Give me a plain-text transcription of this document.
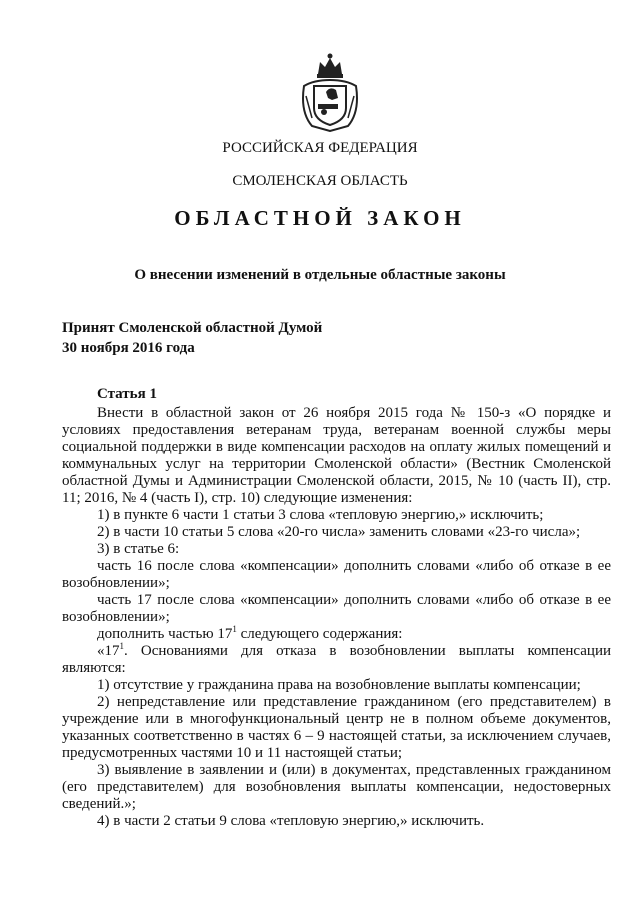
РОССИЙСКАЯ ФЕДЕРАЦИЯ
СМОЛЕНСКАЯ ОБЛАСТЬ
ОБЛАСТНОЙ ЗАКОН
О внесении изменений в отдельные областные законы
Принят Смоленской областной Думой
30 ноября 2016 года
Статья 1

Внести в областной закон от 26 ноября 2015 года № 150-з «О порядке и условиях предоставления ветеранам труда, ветеранам военной службы меры социальной поддержки в виде компенсации расходов на оплату жилых помещений и коммунальных услуг на территории Смоленской области» (Вестник Смоленской областной Думы и Администрации Смоленской области, 2015, № 10 (часть II), стр. 11; 2016, № 4 (часть I), стр. 10) следующие изменения:

1) в пункте 6 части 1 статьи 3 слова «тепловую энергию,» исключить;

2) в части 10 статьи 5 слова «20-го числа» заменить словами «23-го числа»;

3) в статье 6:

часть 16 после слова «компенсации» дополнить словами «либо об отказе в ее возобновлении»;

часть 17 после слова «компенсации» дополнить словами «либо об отказе в ее возобновлении»;

дополнить частью $17^1$ следующего содержания:

«$17^1$. Основаниями для отказа в возобновлении выплаты компенсации являются:

1) отсутствие у гражданина права на возобновление выплаты компенсации;

2) непредставление или представление гражданином (его представителем) в учреждение или в многофункциональный центр не в полном объеме документов, указанных соответственно в частях 6 – 9 настоящей статьи, за исключением случаев, предусмотренных частями 10 и 11 настоящей статьи;

3) выявление в заявлении и (или) в документах, представленных гражданином (его представителем) для возобновления выплаты компенсации, недостоверных сведений.»;

4) в части 2 статьи 9 слова «тепловую энергию,» исключить.
